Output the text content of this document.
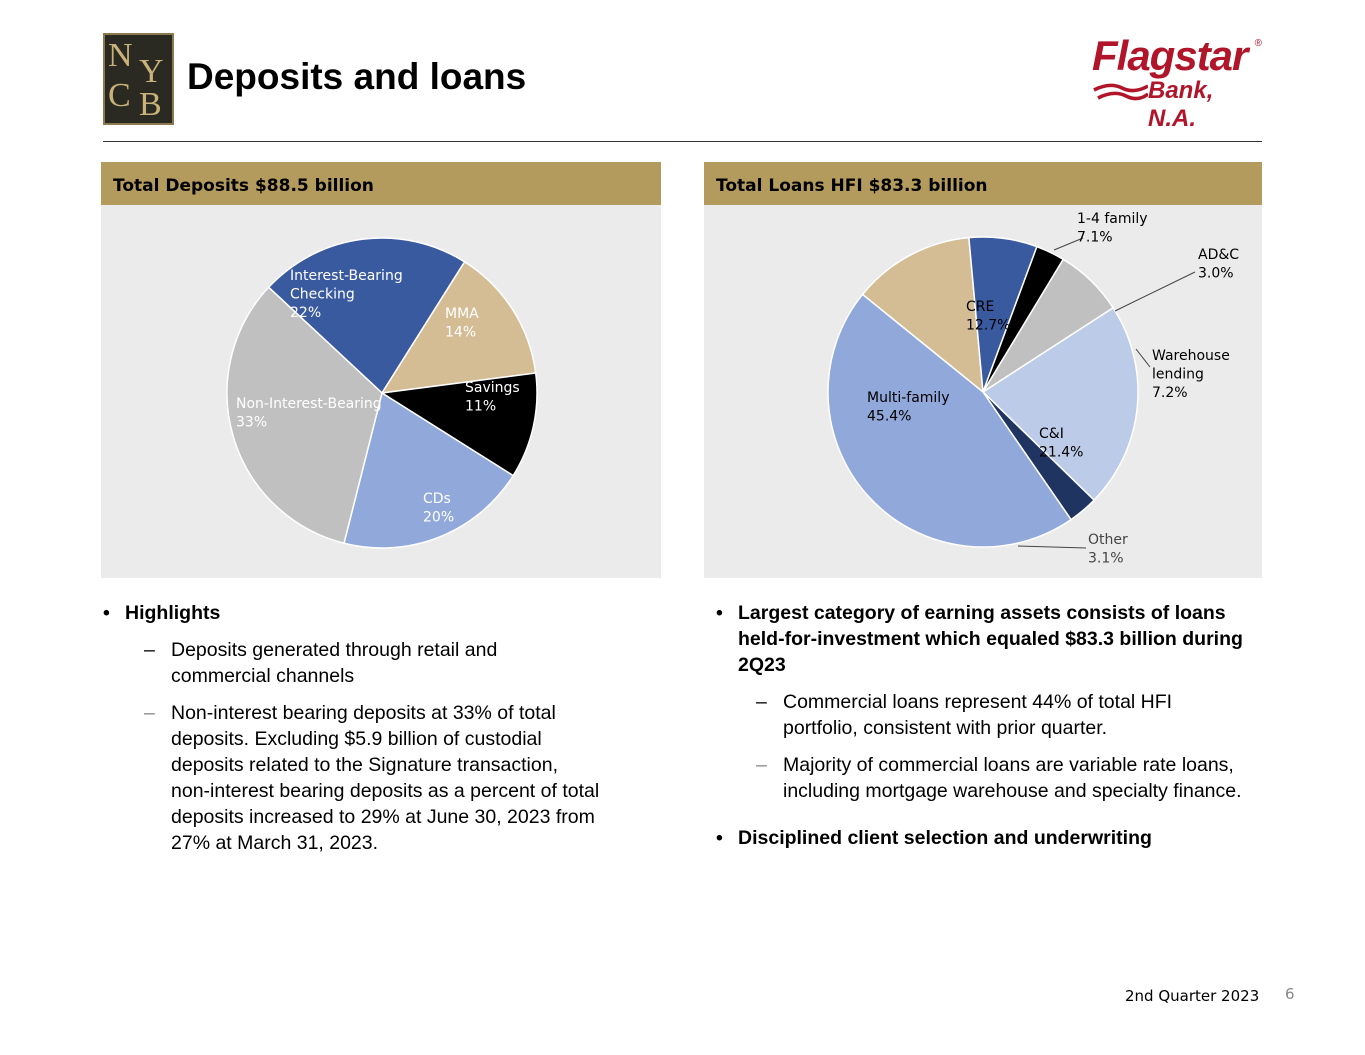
N Y
C B
Deposits and loans	Flagstar ®
Bank, N.A.
Interest-Bearing Checking 22%	MMA 14%
Savings 11%
CDs 20%
Non-Interest-Bearing 33%
Total Deposits $88.5 billion
CRE 12.7%
1-4 family 7.1%
AD&C 3.0%
Warehouse lending 7.2%
C&I 21.4%
Other 3.1%
Multi-family 45.4%
Total Loans HFI $83.3 billion
• Highlights
– Deposits generated through retail and
commercial channels
– Non-interest bearing deposits at 33% of total
deposits. Excluding $5.9 billion of custodial
deposits related to the Signature transaction,
non-interest bearing deposits as a percent of total
deposits increased to 29% at June 30, 2023 from
27% at March 31, 2023.
• Largest category of earning assets consists of loans
held-for-investment which equaled $83.3 billion during
2Q23
– Commercial loans represent 44% of total HFI
portfolio, consistent with prior quarter.
– Majority of commercial loans are variable rate loans,
including mortgage warehouse and specialty finance.
• Disciplined client selection and underwriting
2nd Quarter 2023 6
